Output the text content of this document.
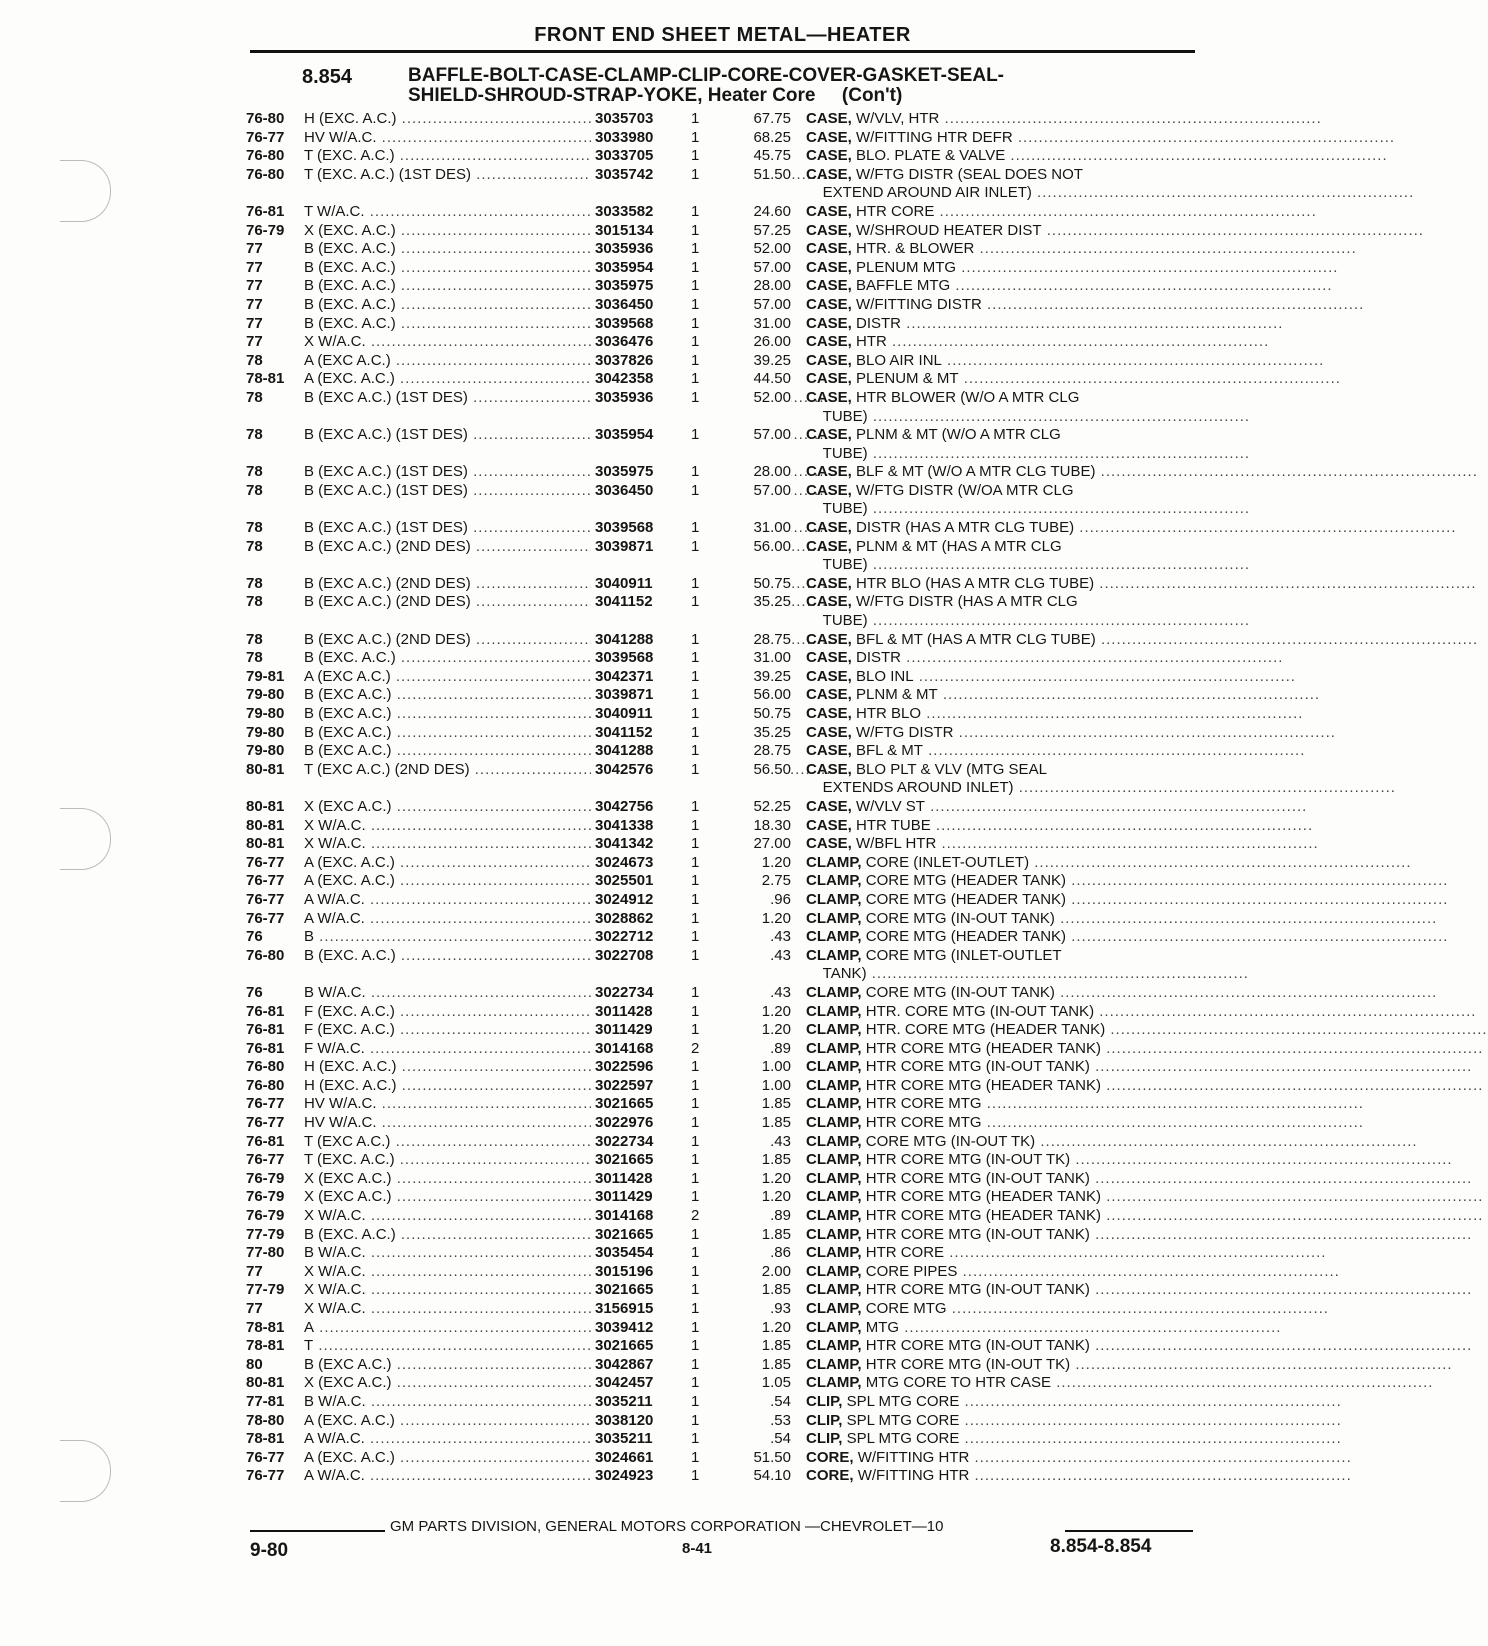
FRONT END SHEET METAL—HEATER
8.854	BAFFLE-BOLT-CASE-CLAMP-CLIP-CORE-COVER-GASKET-SEAL-
SHIELD-SHROUD-STRAP-YOKE, Heater Core (Con't)
76-80	H (EXC. A.C.) .....	3035703	1	67.75 CASE, W/VLV, HTR .........................................................................
76-77	HV W/A.C. .....	3033980	1	68.25 CASE, W/FITTING HTR DEFR .........................................................................
76-80	T (EXC. A.C.) .....	3033705	1	45.75 CASE, BLO. PLATE & VALVE .........................................................................
76-80	T (EXC. A.C.) (1ST DES) .....	3035742	1	51.50 CASE, W/FTG DISTR (SEAL DOES NOT
EXTEND AROUND AIR INLET) .........................................................................
76-81	T W/A.C. .....	3033582	1	24.60 CASE, HTR CORE .........................................................................
76-79	X (EXC. A.C.) .....	3015134	1	57.25 CASE, W/SHROUD HEATER DIST .........................................................................
77	B (EXC. A.C.) .....	3035936	1	52.00 CASE, HTR. & BLOWER .........................................................................
77	B (EXC. A.C.) .....	3035954	1	57.00 CASE, PLENUM MTG .........................................................................
77	B (EXC. A.C.) .....	3035975	1	28.00 CASE, BAFFLE MTG .........................................................................
77	B (EXC. A.C.) .....	3036450	1	57.00 CASE, W/FITTING DISTR .........................................................................
77	B (EXC. A.C.) .....	3039568	1	31.00 CASE, DISTR .........................................................................
77	X W/A.C. .....	3036476	1	26.00 CASE, HTR .........................................................................
78	A (EXC A.C.) .....	3037826	1	39.25 CASE, BLO AIR INL .........................................................................
78-81	A (EXC. A.C.) .....	3042358	1	44.50 CASE, PLENUM & MT .........................................................................
78	B (EXC A.C.) (1ST DES) .....	3035936	1	52.00 CASE, HTR BLOWER (W/O A MTR CLG
TUBE) .........................................................................
78	B (EXC A.C.) (1ST DES) .....	3035954	1	57.00 CASE, PLNM & MT (W/O A MTR CLG
TUBE) .........................................................................
78	B (EXC A.C.) (1ST DES) .....	3035975	1	28.00 CASE, BLF & MT (W/O A MTR CLG TUBE) .........................................................................
78	B (EXC A.C.) (1ST DES) .....	3036450	1	57.00 CASE, W/FTG DISTR (W/OA MTR CLG
TUBE) .........................................................................
78	B (EXC A.C.) (1ST DES) .....	3039568	1	31.00 CASE, DISTR (HAS A MTR CLG TUBE) .........................................................................
78	B (EXC A.C.) (2ND DES) .....	3039871	1	56.00 CASE, PLNM & MT (HAS A MTR CLG
TUBE) .........................................................................
78	B (EXC A.C.) (2ND DES) .....	3040911	1	50.75 CASE, HTR BLO (HAS A MTR CLG TUBE) .........................................................................
78	B (EXC A.C.) (2ND DES) .....	3041152	1	35.25 CASE, W/FTG DISTR (HAS A MTR CLG
TUBE) .........................................................................
78	B (EXC A.C.) (2ND DES) .....	3041288	1	28.75 CASE, BFL & MT (HAS A MTR CLG TUBE) .........................................................................
78	B (EXC. A.C.) .....	3039568	1	31.00 CASE, DISTR .........................................................................
79-81	A (EXC A.C.) .....	3042371	1	39.25 CASE, BLO INL .........................................................................
79-80	B (EXC A.C.) .....	3039871	1	56.00 CASE, PLNM & MT .........................................................................
79-80	B (EXC A.C.) .....	3040911	1	50.75 CASE, HTR BLO .........................................................................
79-80	B (EXC A.C.) .....	3041152	1	35.25 CASE, W/FTG DISTR .........................................................................
79-80	B (EXC A.C.) .....	3041288	1	28.75 CASE, BFL & MT .........................................................................
80-81	T (EXC A.C.) (2ND DES) .....	3042576	1	56.50 CASE, BLO PLT & VLV (MTG SEAL
EXTENDS AROUND INLET) .........................................................................
80-81	X (EXC A.C.) .....	3042756	1	52.25 CASE, W/VLV ST .........................................................................
80-81	X W/A.C. .....	3041338	1	18.30 CASE, HTR TUBE .........................................................................
80-81	X W/A.C. .....	3041342	1	27.00 CASE, W/BFL HTR .........................................................................
76-77	A (EXC. A.C.) .....	3024673	1	1.20 CLAMP, CORE (INLET-OUTLET) .........................................................................
76-77	A (EXC. A.C.) .....	3025501	1	2.75 CLAMP, CORE MTG (HEADER TANK) .........................................................................
76-77	A W/A.C. .....	3024912	1	.96 CLAMP, CORE MTG (HEADER TANK) .........................................................................
76-77	A W/A.C. .....	3028862	1	1.20 CLAMP, CORE MTG (IN-OUT TANK) .........................................................................
76	B .....	3022712	1	.43 CLAMP, CORE MTG (HEADER TANK) .........................................................................
76-80	B (EXC. A.C.) .....	3022708	1	.43 CLAMP, CORE MTG (INLET-OUTLET
TANK) .........................................................................
76	B W/A.C. .....	3022734	1	.43 CLAMP, CORE MTG (IN-OUT TANK) .........................................................................
76-81	F (EXC. A.C.) .....	3011428	1	1.20 CLAMP, HTR. CORE MTG (IN-OUT TANK) .........................................................................
76-81	F (EXC. A.C.) .....	3011429	1	1.20 CLAMP, HTR. CORE MTG (HEADER TANK) .........................................................................
76-81	F W/A.C. .....	3014168	2	.89 CLAMP, HTR CORE MTG (HEADER TANK) .........................................................................
76-80	H (EXC. A.C.) .....	3022596	1	1.00 CLAMP, HTR CORE MTG (IN-OUT TANK) .........................................................................
76-80	H (EXC. A.C.) .....	3022597	1	1.00 CLAMP, HTR CORE MTG (HEADER TANK) .........................................................................
76-77	HV W/A.C. .....	3021665	1	1.85 CLAMP, HTR CORE MTG .........................................................................
76-77	HV W/A.C. .....	3022976	1	1.85 CLAMP, HTR CORE MTG .........................................................................
76-81	T (EXC A.C.) .....	3022734	1	.43 CLAMP, CORE MTG (IN-OUT TK) .........................................................................
76-77	T (EXC. A.C.) .....	3021665	1	1.85 CLAMP, HTR CORE MTG (IN-OUT TK) .........................................................................
76-79	X (EXC A.C.) .....	3011428	1	1.20 CLAMP, HTR CORE MTG (IN-OUT TANK) .........................................................................
76-79	X (EXC A.C.) .....	3011429	1	1.20 CLAMP, HTR CORE MTG (HEADER TANK) .........................................................................
76-79	X W/A.C. .....	3014168	2	.89 CLAMP, HTR CORE MTG (HEADER TANK) .........................................................................
77-79	B (EXC. A.C.) .....	3021665	1	1.85 CLAMP, HTR CORE MTG (IN-OUT TANK) .........................................................................
77-80	B W/A.C. .....	3035454	1	.86 CLAMP, HTR CORE .........................................................................
77	X W/A.C. .....	3015196	1	2.00 CLAMP, CORE PIPES .........................................................................
77-79	X W/A.C. .....	3021665	1	1.85 CLAMP, HTR CORE MTG (IN-OUT TANK) .........................................................................
77	X W/A.C. .....	3156915	1	.93 CLAMP, CORE MTG .........................................................................
78-81	A .....	3039412	1	1.20 CLAMP, MTG .........................................................................
78-81	T .....	3021665	1	1.85 CLAMP, HTR CORE MTG (IN-OUT TANK) .........................................................................
80	B (EXC A.C.) .....	3042867	1	1.85 CLAMP, HTR CORE MTG (IN-OUT TK) .........................................................................
80-81	X (EXC A.C.) .....	3042457	1	1.05 CLAMP, MTG CORE TO HTR CASE .........................................................................
77-81	B W/A.C. .....	3035211	1	.54 CLIP, SPL MTG CORE .........................................................................
78-80	A (EXC. A.C.) .....	3038120	1	.53 CLIP, SPL MTG CORE .........................................................................
78-81	A W/A.C. .....	3035211	1	.54 CLIP, SPL MTG CORE .........................................................................
76-77	A (EXC. A.C.) .....	3024661	1	51.50 CORE, W/FITTING HTR .........................................................................
76-77	A W/A.C. .....	3024923	1	54.10 CORE, W/FITTING HTR .........................................................................
GM PARTS DIVISION, GENERAL MOTORS CORPORATION —CHEVROLET—10
9-80	8-41	8.854-8.854
